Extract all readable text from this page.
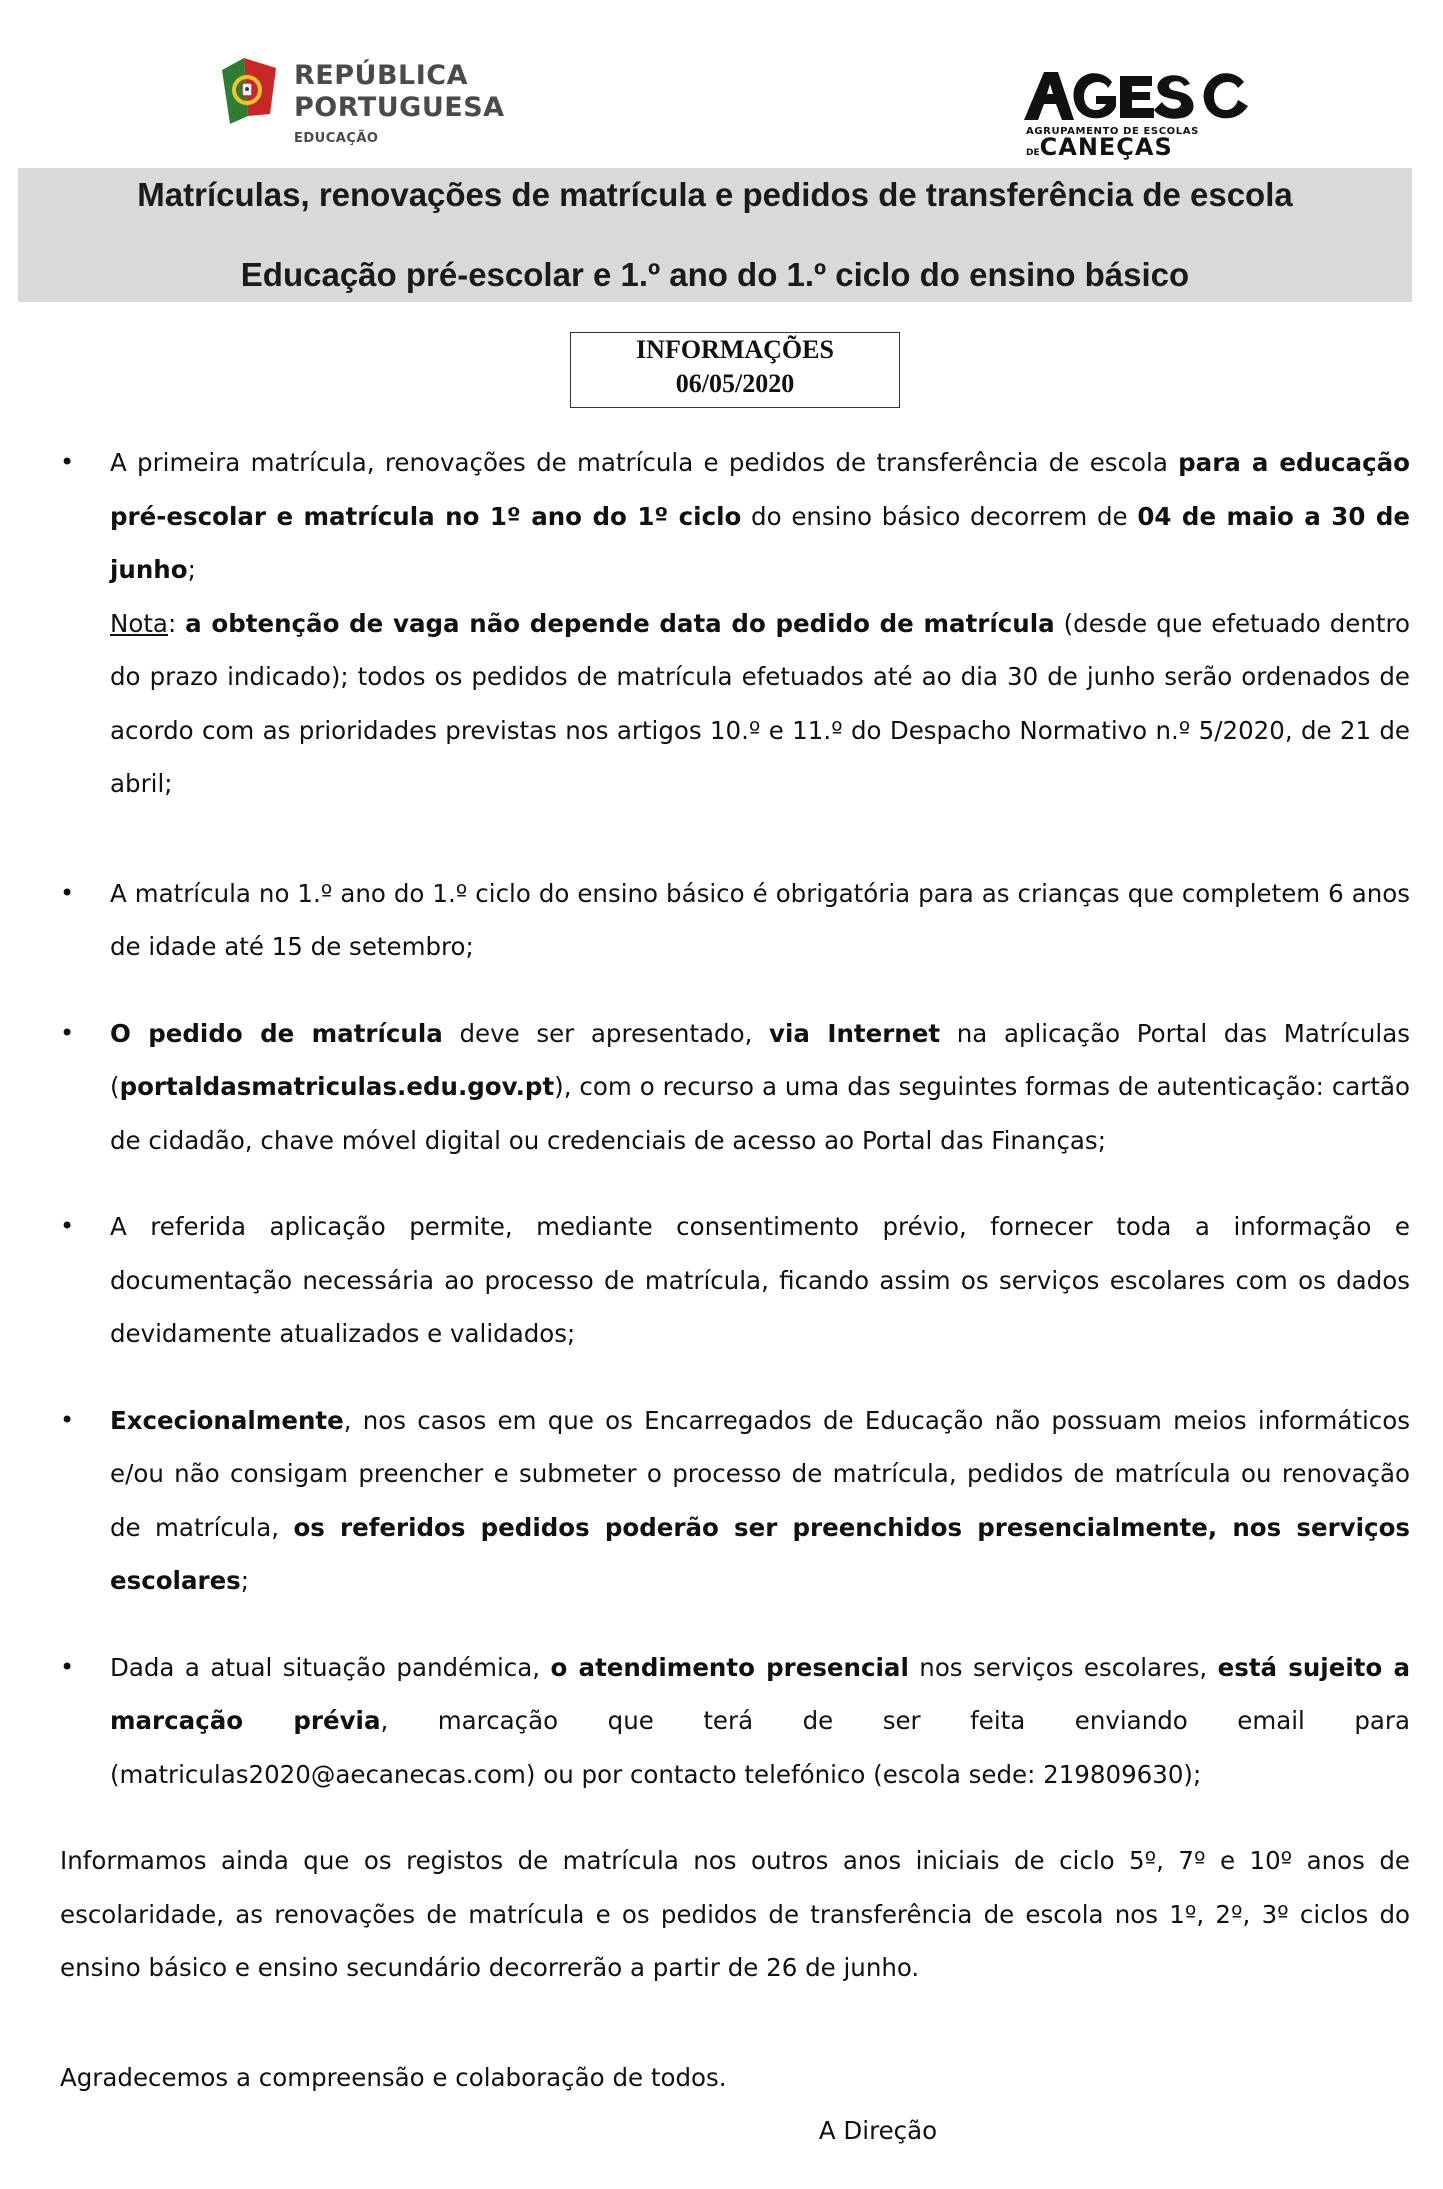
REPÚBLICA
PORTUGUESA
EDUCAÇÃO	AGRUPAMENTO DE ESCOLAS
DECANEÇAS
Matrículas, renovações de matrícula e pedidos de transferência de escola
Educação pré-escolar e 1.º ano do 1.º ciclo do ensino básico
INFORMAÇÕES
06/05/2020
• A primeira matrícula, renovações de matrícula e pedidos de transferência de escola para a educação pré-escolar e matrícula no 1º ano do 1º ciclo do ensino básico decorrem de 04 de maio a 30 de junho;
Nota: a obtenção de vaga não depende data do pedido de matrícula (desde que efetuado dentro do prazo indicado); todos os pedidos de matrícula efetuados até ao dia 30 de junho serão ordenados de acordo com as prioridades previstas nos artigos 10.º e 11.º do Despacho Normativo n.º 5/2020, de 21 de abril;
• A matrícula no 1.º ano do 1.º ciclo do ensino básico é obrigatória para as crianças que completem 6 anos de idade até 15 de setembro;
• O pedido de matrícula deve ser apresentado, via Internet na aplicação Portal das Matrículas (portaldasmatriculas.edu.gov.pt), com o recurso a uma das seguintes formas de autenticação: cartão de cidadão, chave móvel digital ou credenciais de acesso ao Portal das Finanças;
• A referida aplicação permite, mediante consentimento prévio, fornecer toda a informação e documentação necessária ao processo de matrícula, ficando assim os serviços escolares com os dados devidamente atualizados e validados;
• Excecionalmente, nos casos em que os Encarregados de Educação não possuam meios informáticos e/ou não consigam preencher e submeter o processo de matrícula, pedidos de matrícula ou renovação de matrícula, os referidos pedidos poderão ser preenchidos presencialmente, nos serviços escolares;
• Dada a atual situação pandémica, o atendimento presencial nos serviços escolares, está sujeito a marcação prévia, marcação que terá de ser feita enviando email para (matriculas2020@aecanecas.com) ou por contacto telefónico (escola sede: 219809630);
Informamos ainda que os registos de matrícula nos outros anos iniciais de ciclo 5º, 7º e 10º anos de escolaridade, as renovações de matrícula e os pedidos de transferência de escola nos 1º, 2º, 3º ciclos do ensino básico e ensino secundário decorrerão a partir de 26 de junho.
Agradecemos a compreensão e colaboração de todos.
A Direção
